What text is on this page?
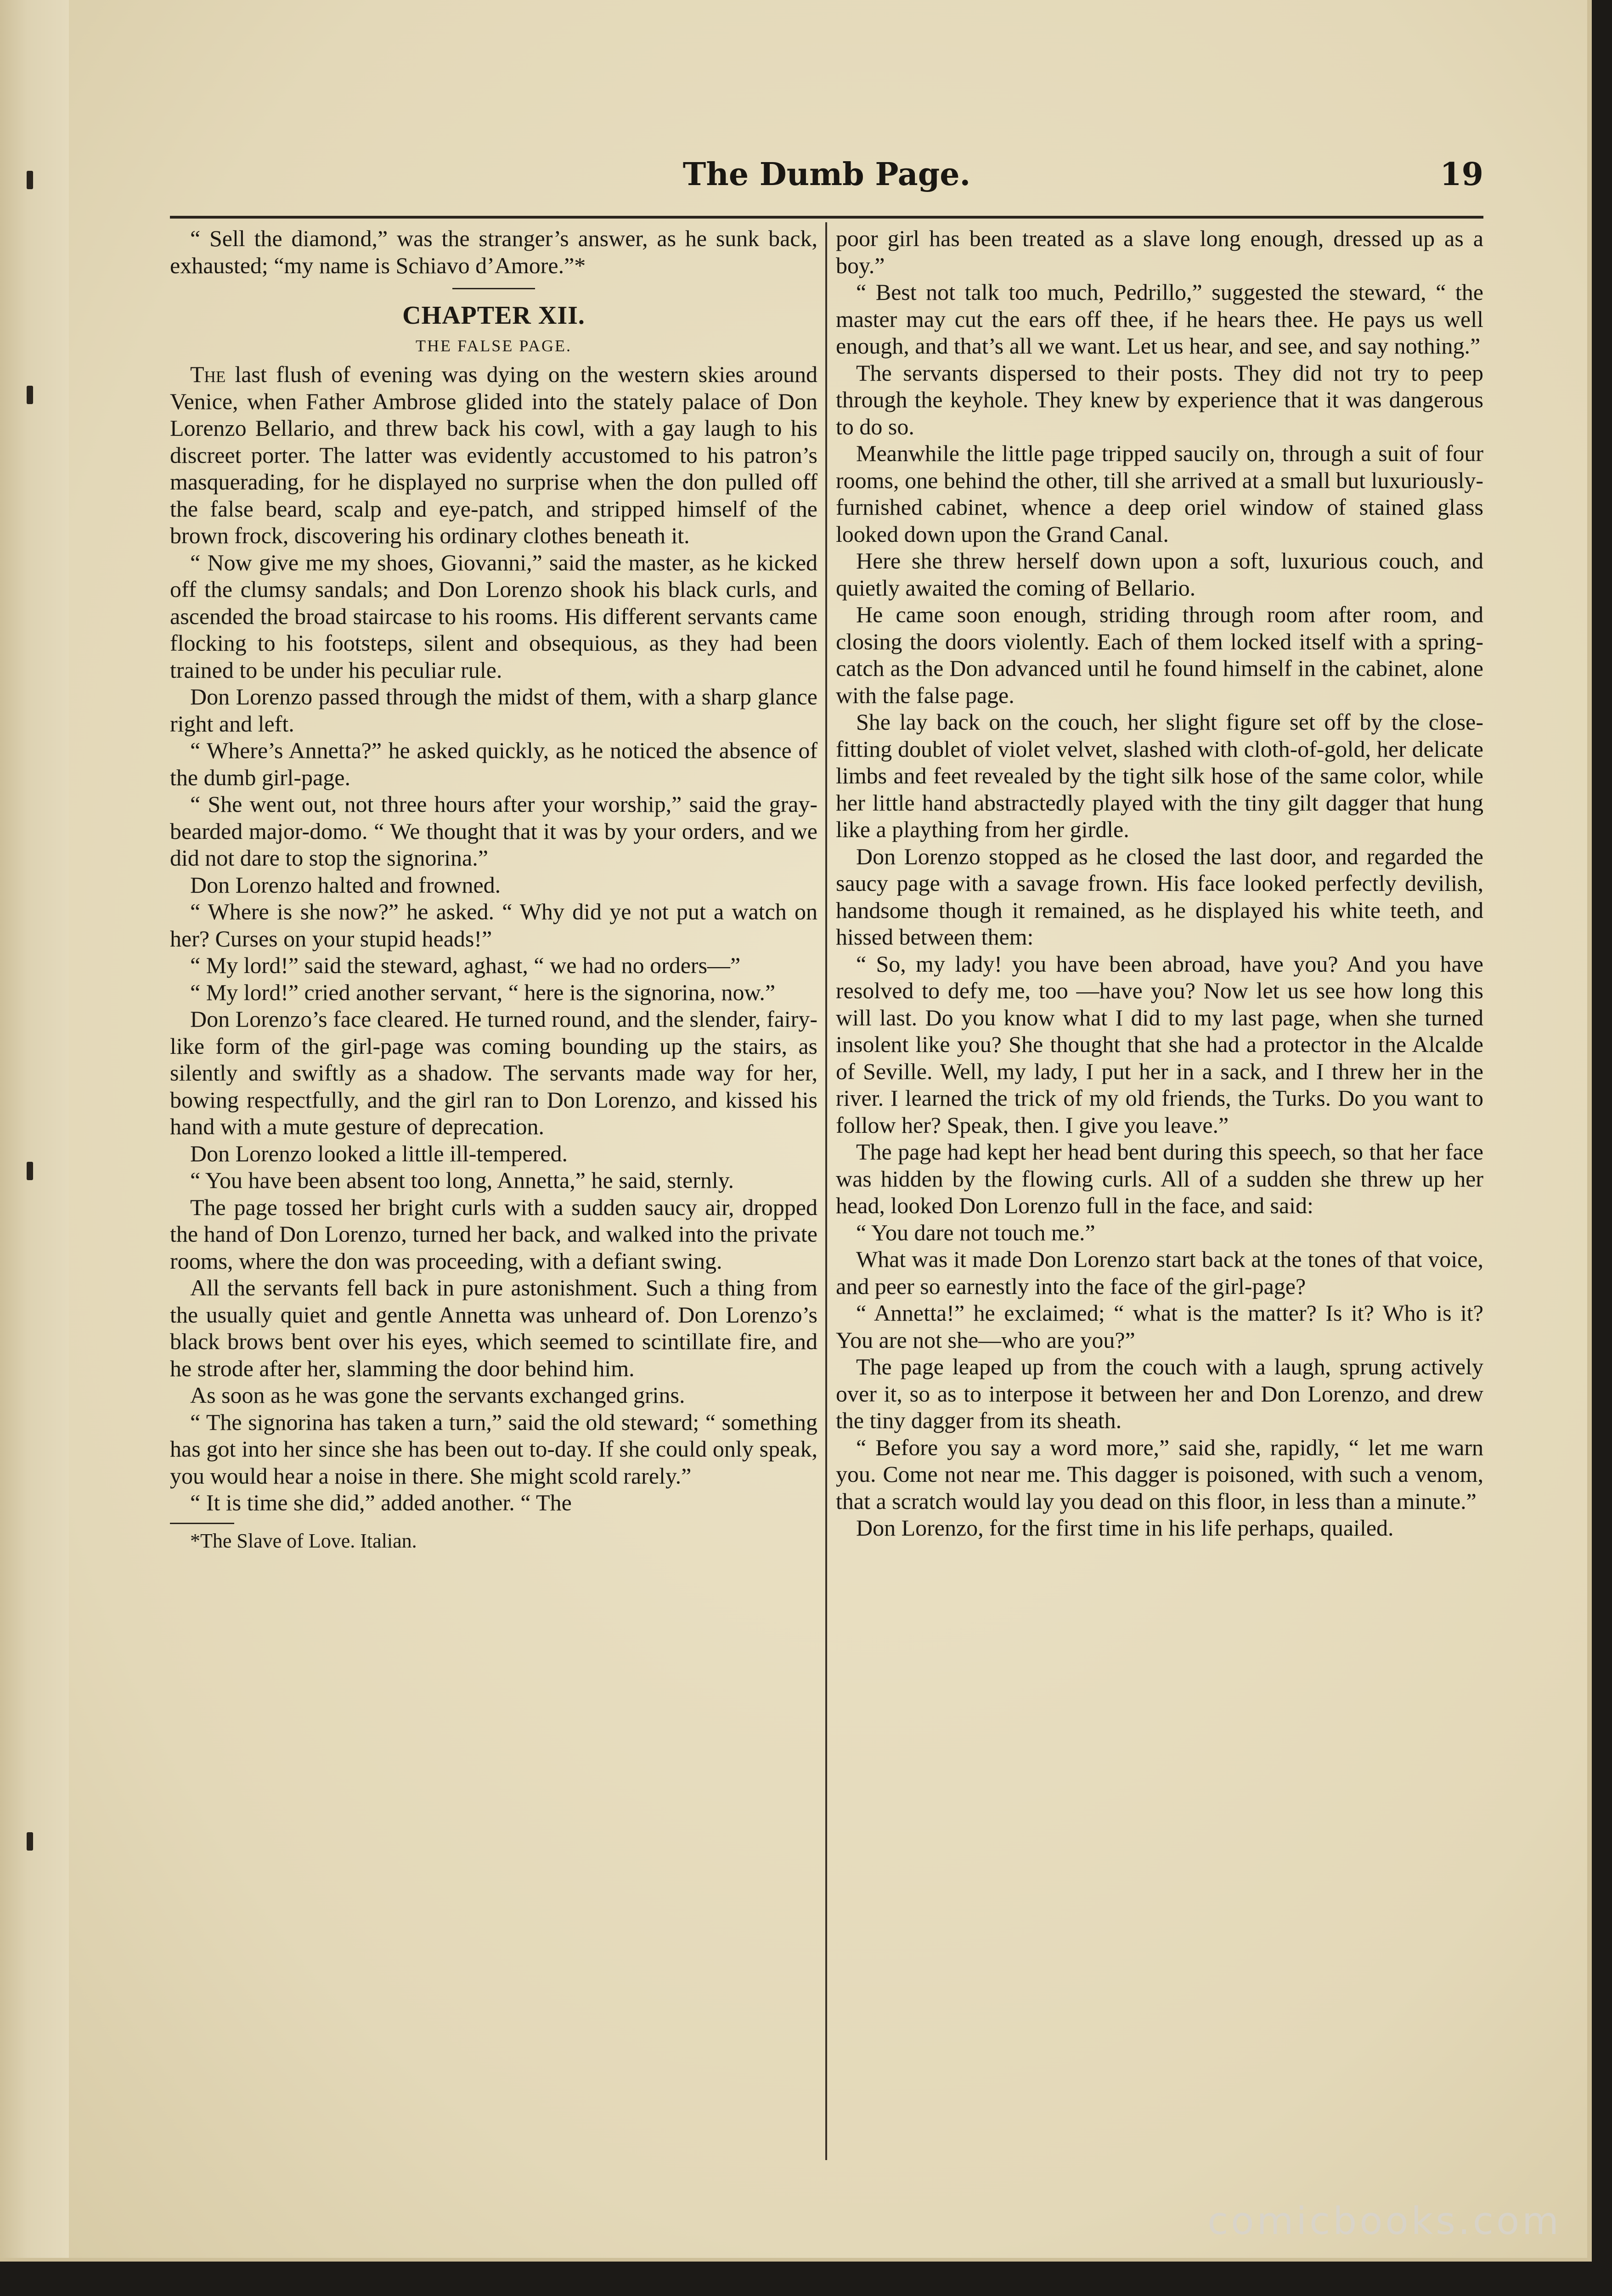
The Dumb Page.	19

“ Sell the diamond,” was the stranger’s answer, as he sunk back, exhausted; “my name is Schiavo d’Amore.”*

CHAPTER XII.
THE FALSE PAGE.

The last flush of evening was dying on the western skies around Venice, when Father Ambrose glided into the stately palace of Don Lorenzo Bellario, and threw back his cowl, with a gay laugh to his discreet porter. The latter was evidently accustomed to his patron’s masquerading, for he displayed no surprise when the don pulled off the false beard, scalp and eye-patch, and stripped himself of the brown frock, discovering his ordinary clothes beneath it.

“ Now give me my shoes, Giovanni,” said the master, as he kicked off the clumsy sandals; and Don Lorenzo shook his black curls, and ascended the broad staircase to his rooms. His different servants came flocking to his footsteps, silent and obsequious, as they had been trained to be under his peculiar rule.

Don Lorenzo passed through the midst of them, with a sharp glance right and left.

“ Where’s Annetta?” he asked quickly, as he noticed the absence of the dumb girl-page.

“ She went out, not three hours after your worship,” said the gray-bearded major-domo. “ We thought that it was by your orders, and we did not dare to stop the signorina.”

Don Lorenzo halted and frowned.

“ Where is she now?” he asked. “ Why did ye not put a watch on her? Curses on your stupid heads!”

“ My lord!” said the steward, aghast, “ we had no orders—”

“ My lord!” cried another servant, “ here is the signorina, now.”

Don Lorenzo’s face cleared. He turned round, and the slender, fairy-like form of the girl-page was coming bounding up the stairs, as silently and swiftly as a shadow. The servants made way for her, bowing respectfully, and the girl ran to Don Lorenzo, and kissed his hand with a mute gesture of deprecation.

Don Lorenzo looked a little ill-tempered.

“ You have been absent too long, Annetta,” he said, sternly.

The page tossed her bright curls with a sudden saucy air, dropped the hand of Don Lorenzo, turned her back, and walked into the private rooms, where the don was proceeding, with a defiant swing.

All the servants fell back in pure astonishment. Such a thing from the usually quiet and gentle Annetta was unheard of. Don Lorenzo’s black brows bent over his eyes, which seemed to scintillate fire, and he strode after her, slamming the door behind him.

As soon as he was gone the servants exchanged grins.

“ The signorina has taken a turn,” said the old steward; “ something has got into her since she has been out to-day. If she could only speak, you would hear a noise in there. She might scold rarely.”

“ It is time she did,” added another. “ The

*The Slave of Love. Italian.

poor girl has been treated as a slave long enough, dressed up as a boy.”

“ Best not talk too much, Pedrillo,” suggested the steward, “ the master may cut the ears off thee, if he hears thee. He pays us well enough, and that’s all we want. Let us hear, and see, and say nothing.”

The servants dispersed to their posts. They did not try to peep through the keyhole. They knew by experience that it was dangerous to do so.

Meanwhile the little page tripped saucily on, through a suit of four rooms, one behind the other, till she arrived at a small but luxuriously-furnished cabinet, whence a deep oriel window of stained glass looked down upon the Grand Canal.

Here she threw herself down upon a soft, luxurious couch, and quietly awaited the coming of Bellario.

He came soon enough, striding through room after room, and closing the doors violently. Each of them locked itself with a spring-catch as the Don advanced until he found himself in the cabinet, alone with the false page.

She lay back on the couch, her slight figure set off by the close-fitting doublet of violet velvet, slashed with cloth-of-gold, her delicate limbs and feet revealed by the tight silk hose of the same color, while her little hand abstractedly played with the tiny gilt dagger that hung like a plaything from her girdle.

Don Lorenzo stopped as he closed the last door, and regarded the saucy page with a savage frown. His face looked perfectly devilish, handsome though it remained, as he displayed his white teeth, and hissed between them:

“ So, my lady! you have been abroad, have you? And you have resolved to defy me, too —have you? Now let us see how long this will last. Do you know what I did to my last page, when she turned insolent like you? She thought that she had a protector in the Alcalde of Seville. Well, my lady, I put her in a sack, and I threw her in the river. I learned the trick of my old friends, the Turks. Do you want to follow her? Speak, then. I give you leave.”

The page had kept her head bent during this speech, so that her face was hidden by the flowing curls. All of a sudden she threw up her head, looked Don Lorenzo full in the face, and said:

“ You dare not touch me.”

What was it made Don Lorenzo start back at the tones of that voice, and peer so earnestly into the face of the girl-page?

“ Annetta!” he exclaimed; “ what is the matter? Is it? Who is it? You are not she—who are you?”

The page leaped up from the couch with a laugh, sprung actively over it, so as to interpose it between her and Don Lorenzo, and drew the tiny dagger from its sheath.

“ Before you say a word more,” said she, rapidly, “ let me warn you. Come not near me. This dagger is poisoned, with such a venom, that a scratch would lay you dead on this floor, in less than a minute.”

Don Lorenzo, for the first time in his life perhaps, quailed.

comicbooks.com
